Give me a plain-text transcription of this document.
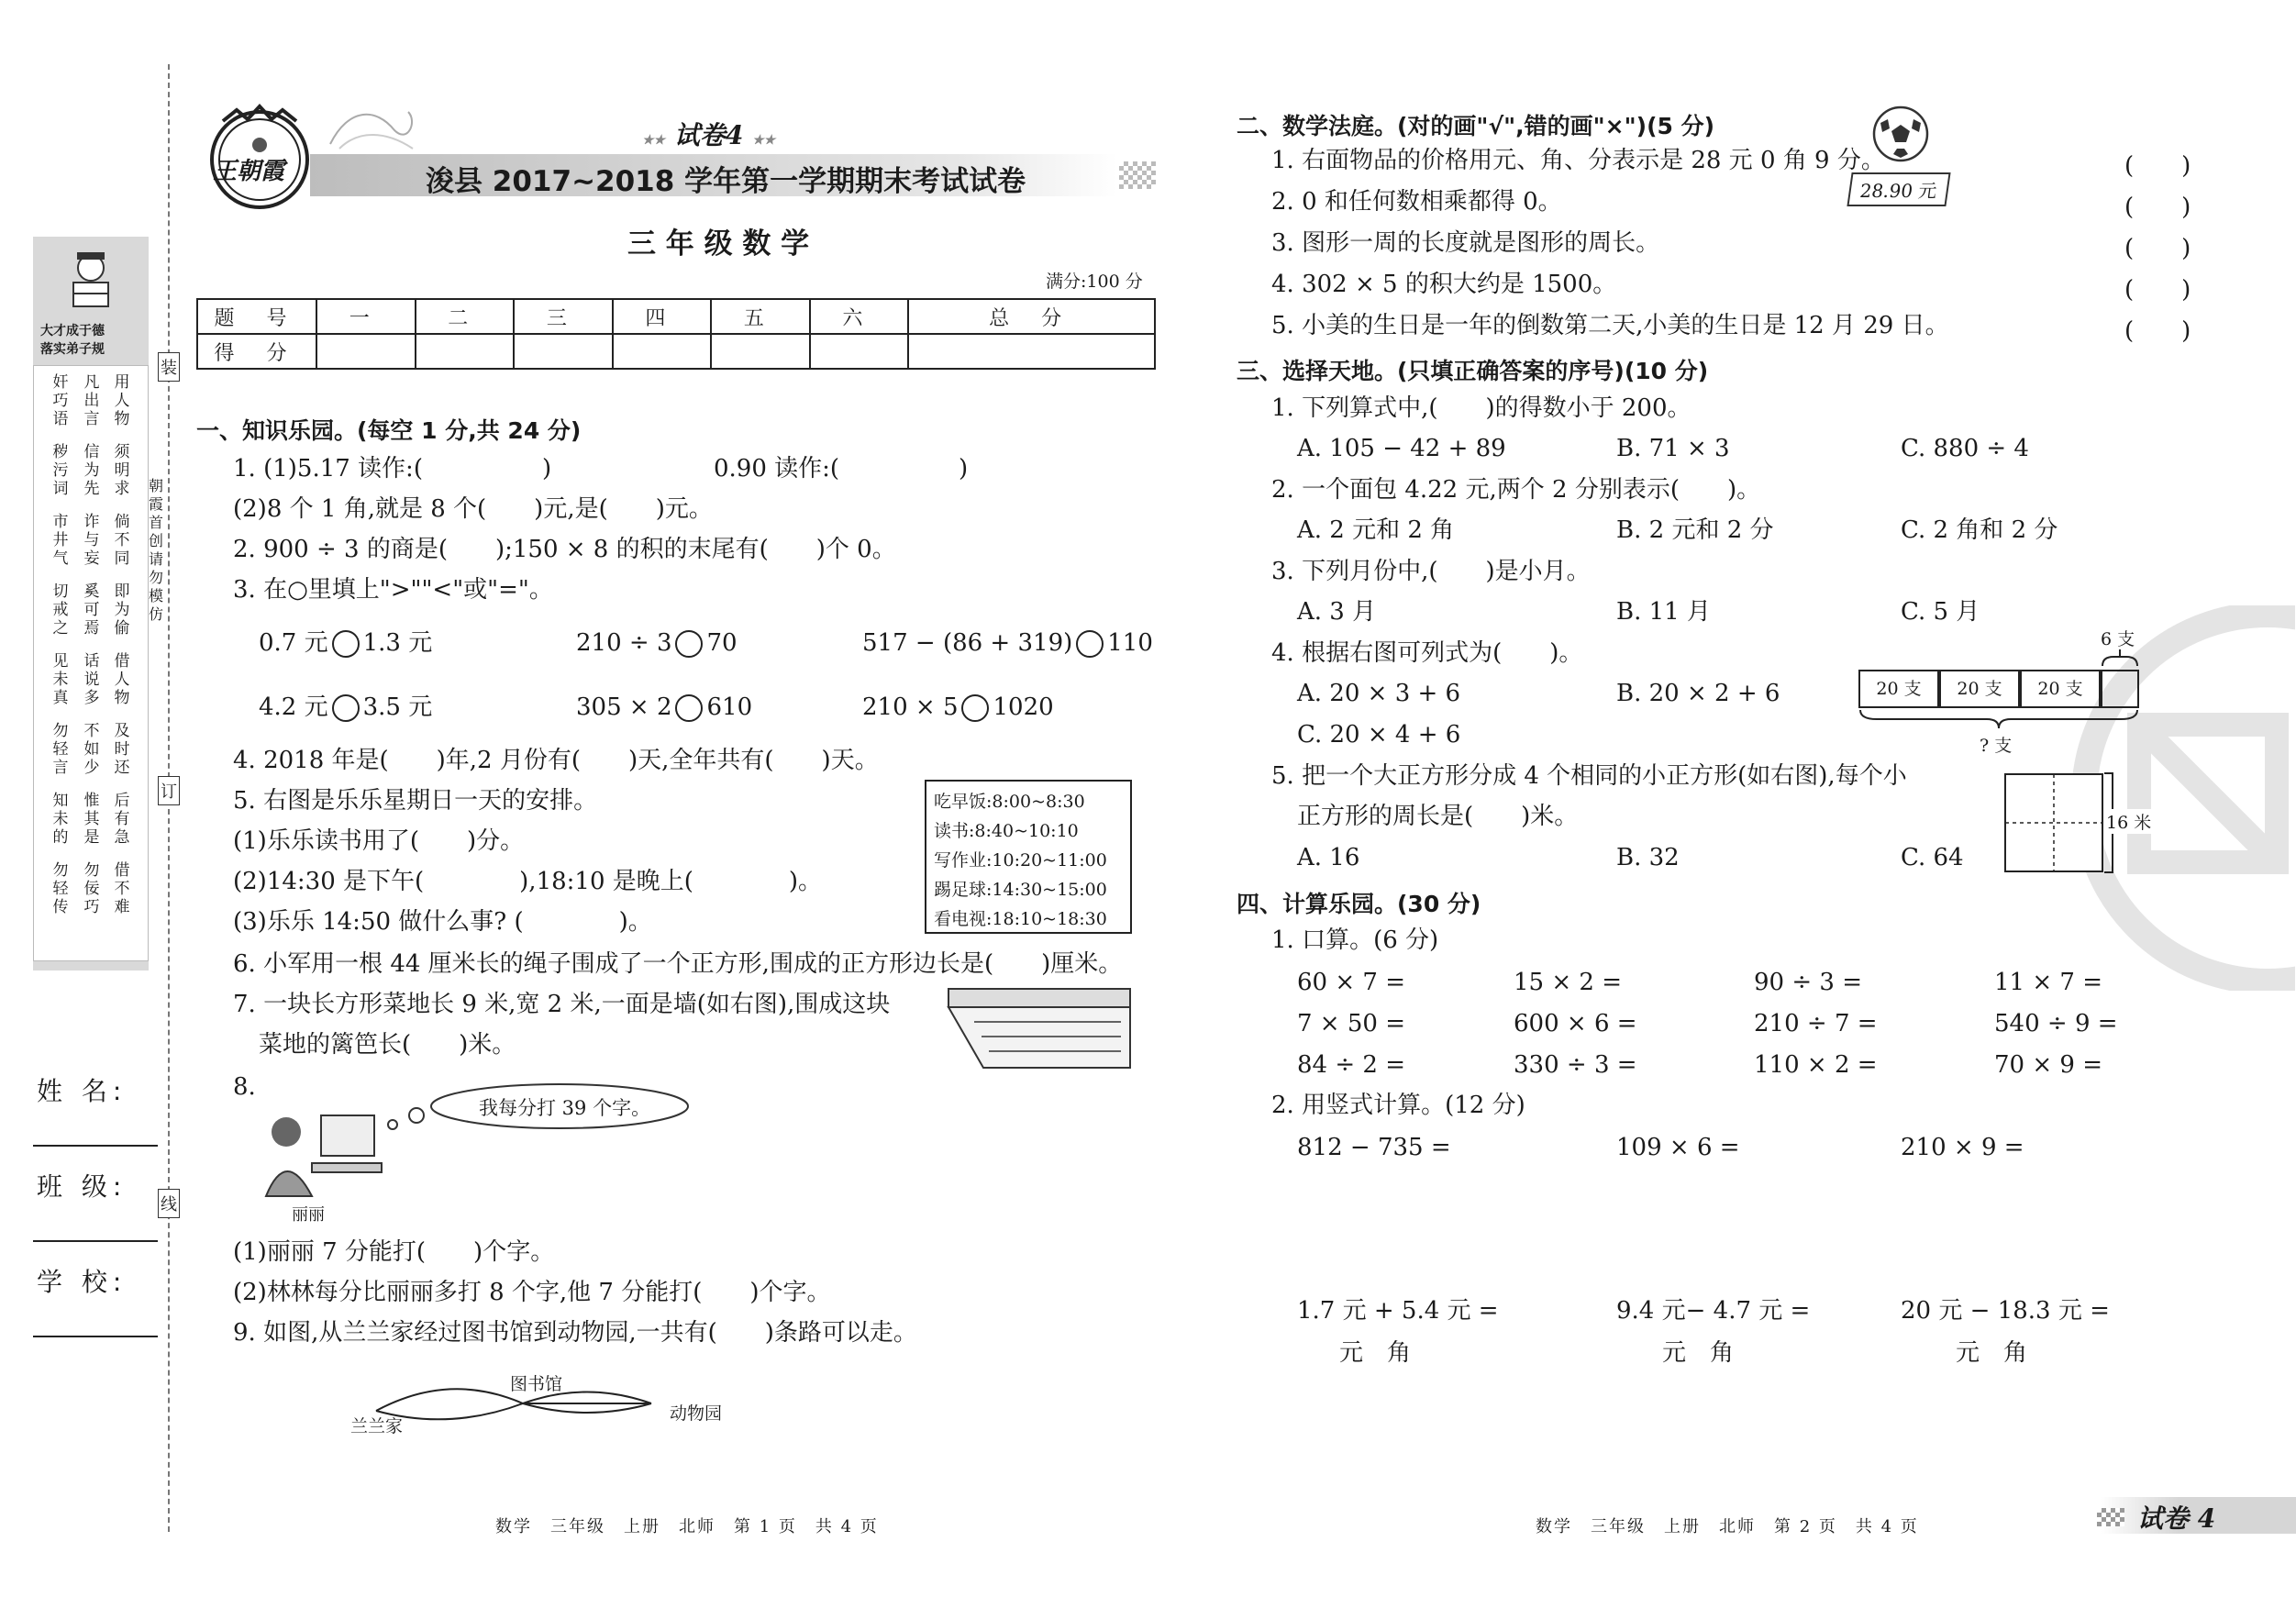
大才成于德
落实弟子规
用人物
凡出言
奸巧语
须明求
信为先
秽污词
倘不同
诈与妄
市井气
即为偷
奚可焉
切戒之
借人物
话说多
见未真
及时还
不如少
勿轻言
后有急
惟其是
知未的
借不难
勿佞巧
勿轻传
装
订
线
朝霞首创 请勿模仿
姓 名:
班 级:
学 校:
王朝霞
★★ 试卷4 ★★
浚县 2017~2018 学年第一学期期末考试试卷
三 年 级 数 学
满分:100 分
题 号	一	二	三	四	五	六	总 分
得 分							
一、知识乐园。(每空 1 分,共 24 分)
1. (1)5.17 读作:(　　　　　)	0.90 读作:(　　　　　)
(2)8 个 1 角,就是 8 个(　　)元,是(　　)元。
2. 900 ÷ 3 的商是(　　);150 × 8 的积的末尾有(　　)个 0。
3. 在○里填上">""<"或"="。
0.7 元 1.3 元	210 ÷ 3 70	517 − (86 + 319) 110
4.2 元 3.5 元	305 × 2 610	210 × 5 1020
4. 2018 年是(　　)年,2 月份有(　　)天,全年共有(　　)天。
5. 右图是乐乐星期日一天的安排。
(1)乐乐读书用了(　　)分。
(2)14:30 是下午(　　　　),18:10 是晚上(　　　　)。
(3)乐乐 14:50 做什么事? (　　　　)。
吃早饭:8:00~8:30
读书:8:40~10:10
写作业:10:20~11:00
踢足球:14:30~15:00
看电视:18:10~18:30
6. 小军用一根 44 厘米长的绳子围成了一个正方形,围成的正方形边长是(　　)厘米。
7. 一块长方形菜地长 9 米,宽 2 米,一面是墙(如右图),围成这块
菜地的篱笆长(　　)米。
8.
我每分打 39 个字。
丽丽
(1)丽丽 7 分能打(　　)个字。
(2)林林每分比丽丽多打 8 个字,他 7 分能打(　　)个字。
9. 如图,从兰兰家经过图书馆到动物园,一共有(　　)条路可以走。
图书馆
兰兰家
动物园
数学　三年级　上册　北师　第 1 页　共 4 页
二、数学法庭。(对的画"√",错的画"×")(5 分)
28.90 元
1. 右面物品的价格用元、角、分表示是 28 元 0 角 9 分。
2. 0 和任何数相乘都得 0。
3. 图形一周的长度就是图形的周长。
4. 302 × 5 的积大约是 1500。
5. 小美的生日是一年的倒数第二天,小美的生日是 12 月 29 日。
(　　)
(　　)
(　　)
(　　)
(　　)
三、选择天地。(只填正确答案的序号)(10 分)
1. 下列算式中,(　　)的得数小于 200。
A. 105 − 42 + 89	B. 71 × 3	C. 880 ÷ 4
2. 一个面包 4.22 元,两个 2 分别表示(　　)。
A. 2 元和 2 角	B. 2 元和 2 分	C. 2 角和 2 分
3. 下列月份中,(　　)是小月。
A. 3 月	B. 11 月	C. 5 月
4. 根据右图可列式为(　　)。
A. 20 × 3 + 6	B. 20 × 2 + 6
C. 20 × 4 + 6
6 支
20 支	20 支	20 支
? 支
5. 把一个大正方形分成 4 个相同的小正方形(如右图),每个小
正方形的周长是(　　)米。
A. 16	B. 32	C. 64
16 米
四、计算乐园。(30 分)
1. 口算。(6 分)
60 × 7 =	15 × 2 =	90 ÷ 3 =	11 × 7 =
7 × 50 =	600 × 6 =	210 ÷ 7 =	540 ÷ 9 =
84 ÷ 2 =	330 ÷ 3 =	110 × 2 =	70 × 9 =
2. 用竖式计算。(12 分)
812 − 735 =	109 × 6 =	210 × 9 =
1.7 元 + 5.4 元 =	9.4 元− 4.7 元 =	20 元 − 18.3 元 =
元　角	元　角	元　角
数学　三年级　上册　北师　第 2 页　共 4 页	试卷 4
